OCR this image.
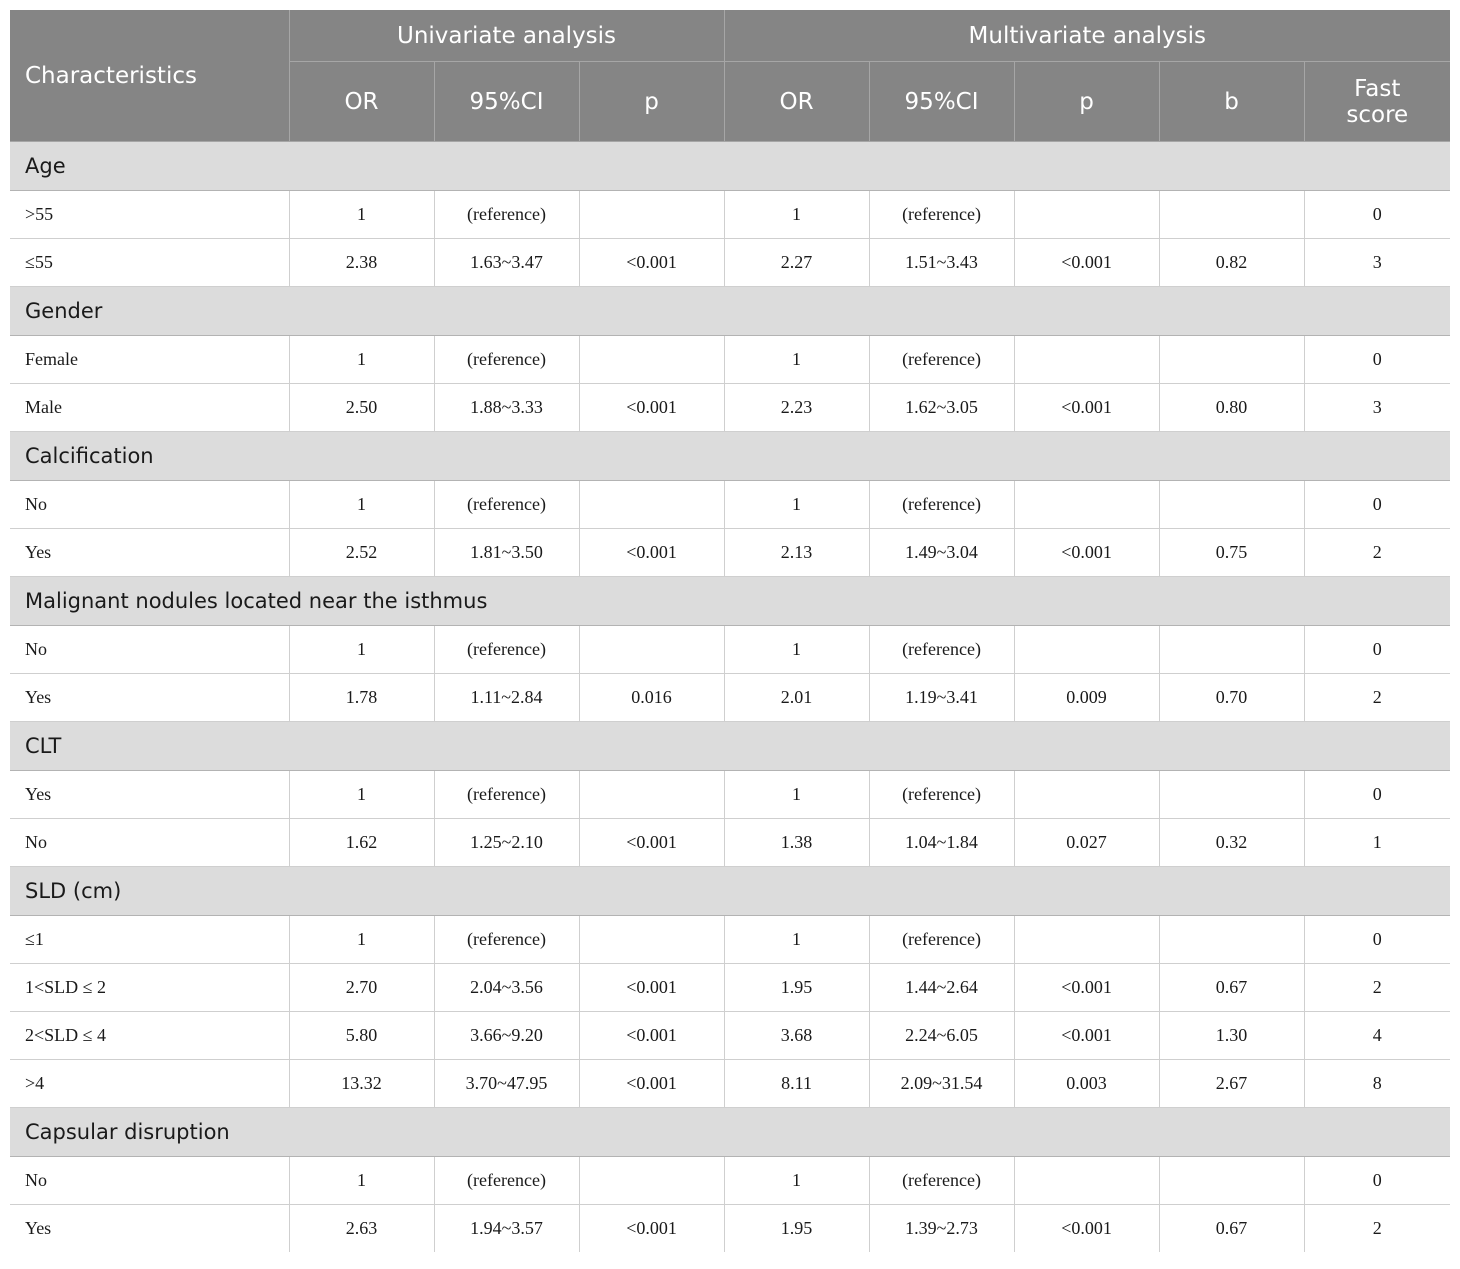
Characteristics	Univariate analysis			Multivariate analysis				
	OR	95%CI	p	OR	95%CI	p	b	Fast score
Age								
>55	1	(reference)		1	(reference)			0
≤55	2.38	1.63~3.47	<0.001	2.27	1.51~3.43	<0.001	0.82	3
Gender								
Female	1	(reference)		1	(reference)			0
Male	2.50	1.88~3.33	<0.001	2.23	1.62~3.05	<0.001	0.80	3
Calcification								
No	1	(reference)		1	(reference)			0
Yes	2.52	1.81~3.50	<0.001	2.13	1.49~3.04	<0.001	0.75	2
Malignant nodules located near the isthmus								
No	1	(reference)		1	(reference)			0
Yes	1.78	1.11~2.84	0.016	2.01	1.19~3.41	0.009	0.70	2
CLT								
Yes	1	(reference)		1	(reference)			0
No	1.62	1.25~2.10	<0.001	1.38	1.04~1.84	0.027	0.32	1
SLD (cm)								
≤1	1	(reference)		1	(reference)			0
1<SLD ≤ 2	2.70	2.04~3.56	<0.001	1.95	1.44~2.64	<0.001	0.67	2
2<SLD ≤ 4	5.80	3.66~9.20	<0.001	3.68	2.24~6.05	<0.001	1.30	4
>4	13.32	3.70~47.95	<0.001	8.11	2.09~31.54	0.003	2.67	8
Capsular disruption								
No	1	(reference)		1	(reference)			0
Yes	2.63	1.94~3.57	<0.001	1.95	1.39~2.73	<0.001	0.67	2
